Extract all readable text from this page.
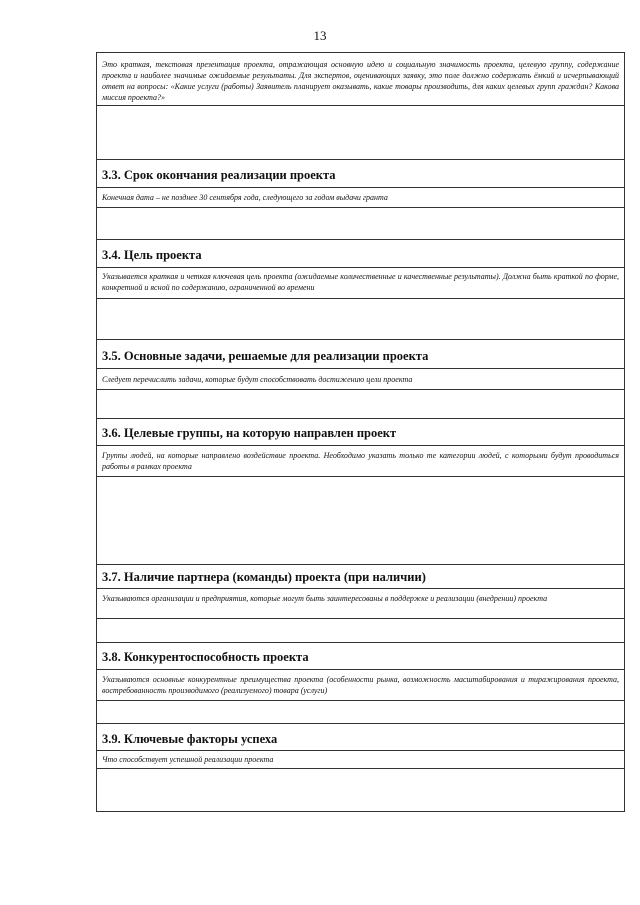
13
Это краткая, текстовая презентация проекта, отражающая основную идею и социальную значимость проекта, целевую группу, содержание проекта и наиболее значимые ожидаемые результаты. Для экспертов, оценивающих заявку, это поле должно содержать ёмкий и исчерпывающий ответ на вопросы: «Какие услуги (работы) Заявитель планирует оказывать, какие товары производить, для каких целевых групп граждан? Какова миссия проекта?»
3.3. Срок окончания реализации проекта
Конечная дата – не позднее 30 сентября года, следующего за годом выдачи гранта
3.4. Цель проекта
Указывается краткая и четкая ключевая цель проекта (ожидаемые количественные и качественные результаты). Должна быть краткой по форме, конкретной и ясной по содержанию, ограниченной во времени
3.5. Основные задачи, решаемые для реализации проекта
Следует перечислить задачи, которые будут способствовать достижению цели проекта
3.6. Целевые группы, на которую направлен проект
Группы людей, на которые направлено воздействие проекта. Необходимо указать только те категории людей, с которыми будут проводиться работы в рамках проекта
3.7. Наличие партнера (команды) проекта (при наличии)
Указываются организации и предприятия, которые могут быть заинтересованы в поддержке и реализации (внедрении) проекта
3.8. Конкурентоспособность проекта
Указываются основные конкурентные преимущества проекта (особенности рынка, возможность масштабирования и тиражирования проекта, востребованность производимого (реализуемого) товара (услуги)
3.9. Ключевые факторы успеха
Что способствует успешной реализации проекта
